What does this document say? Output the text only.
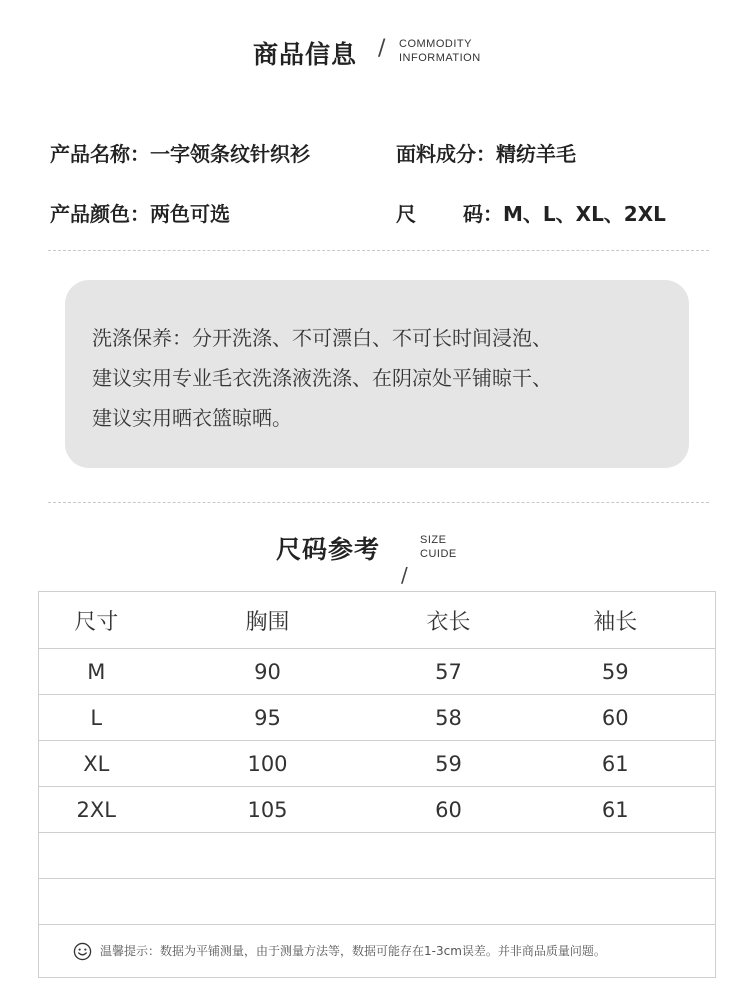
商品信息 / COMMODITY
INFORMATION
产品名称：一字领条纹针织衫	面料成分：精纺羊毛
产品颜色：两色可选	尺 码：M、L、XL、2XL
洗涤保养：分开洗涤、不可漂白、不可长时间浸泡、
建议实用专业毛衣洗涤液洗涤、在阴凉处平铺晾干、
建议实用晒衣篮晾晒。
尺码参考	SIZE
CUIDE
/
尺寸	胸围	衣长	袖长
M	90	57	59
L	95	58	60
XL	100	59	61
2XL	105	60	61

温馨提示：数据为平铺测量，由于测量方法等，数据可能存在1-3cm误差。并非商品质量问题。			
